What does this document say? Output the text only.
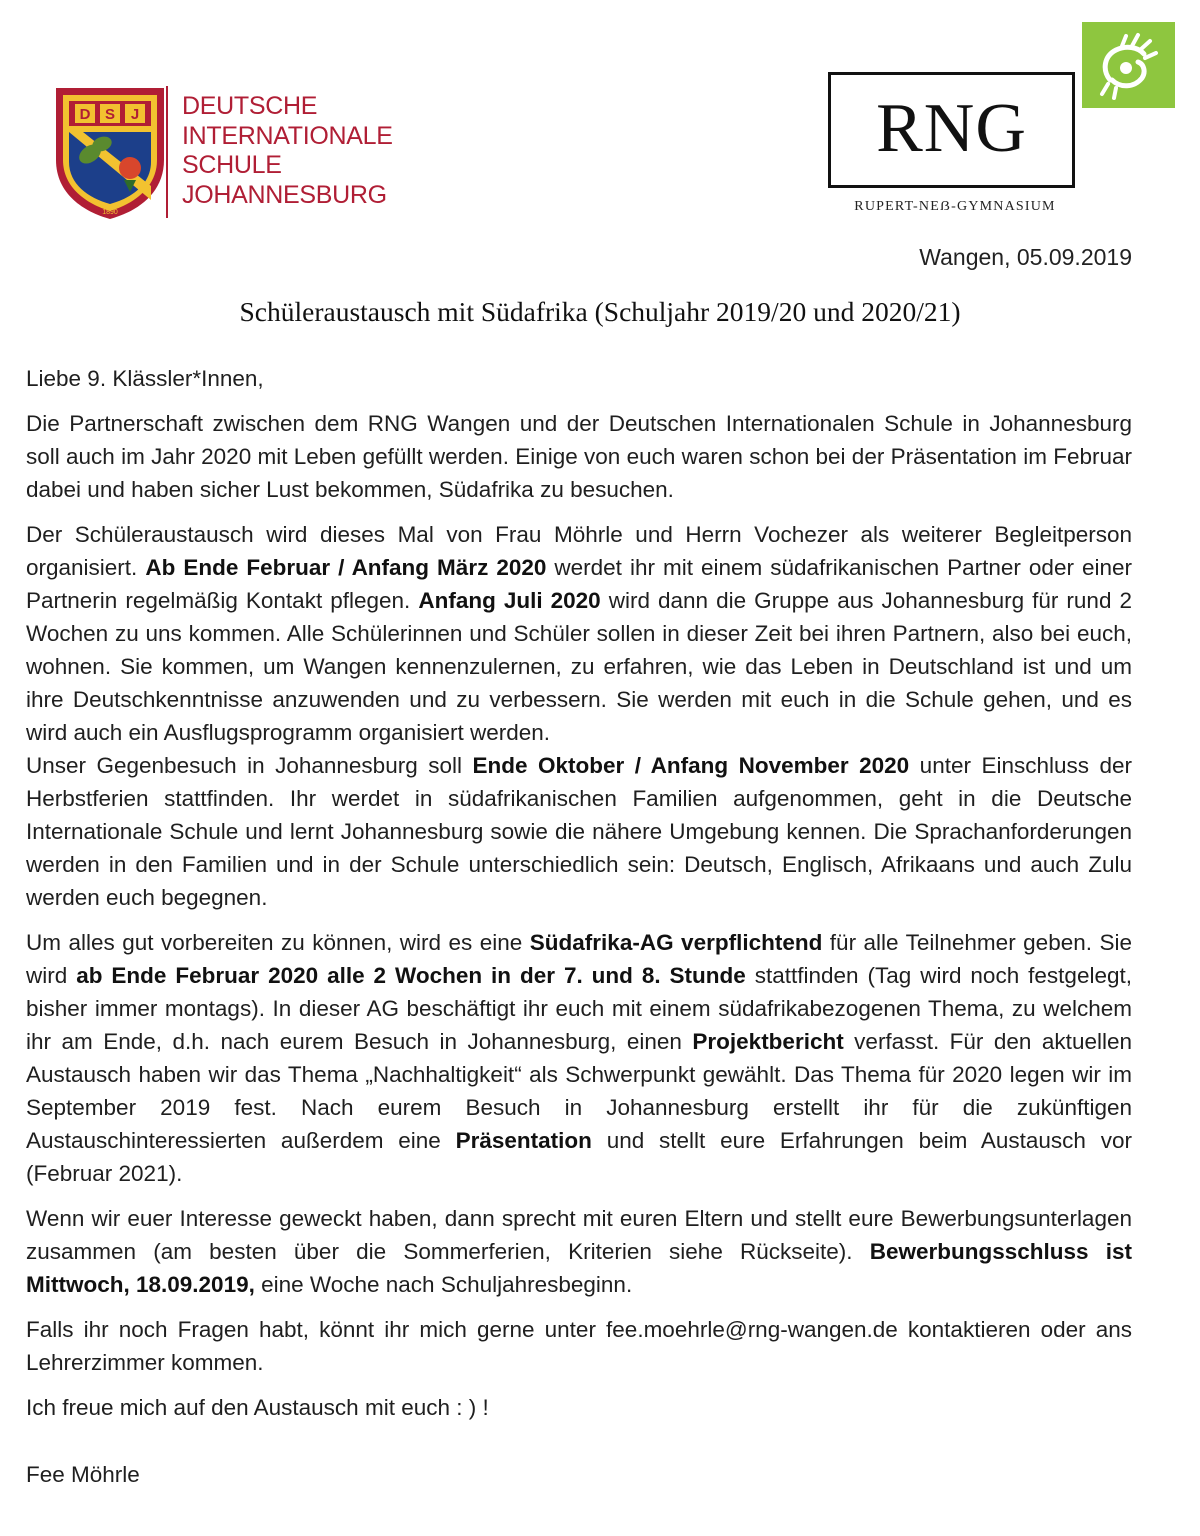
D S J
1890
DEUTSCHE
INTERNATIONALE
SCHULE
JOHANNESBURG
RNG
RUPERT-NEẞ-GYMNASIUM
Wangen, 05.09.2019
Schüleraustausch mit Südafrika (Schuljahr 2019/20 und 2020/21)

Liebe 9. Klässler*Innen,

Die Partnerschaft zwischen dem RNG Wangen und der Deutschen Internationalen Schule in Johannesburg soll auch im Jahr 2020 mit Leben gefüllt werden. Einige von euch waren schon bei der Präsentation im Februar dabei und haben sicher Lust bekommen, Südafrika zu besuchen.

Der Schüleraustausch wird dieses Mal von Frau Möhrle und Herrn Vochezer als weiterer Begleitperson organisiert. Ab Ende Februar / Anfang März 2020 werdet ihr mit einem südafrikanischen Partner oder einer Partnerin regelmäßig Kontakt pflegen. Anfang Juli 2020 wird dann die Gruppe aus Johannesburg für rund 2 Wochen zu uns kommen. Alle Schülerinnen und Schüler sollen in dieser Zeit bei ihren Partnern, also bei euch, wohnen. Sie kommen, um Wangen kennenzulernen, zu erfahren, wie das Leben in Deutschland ist und um ihre Deutschkenntnisse anzuwenden und zu verbessern. Sie werden mit euch in die Schule gehen, und es wird auch ein Ausflugsprogramm organisiert werden.

Unser Gegenbesuch in Johannesburg soll Ende Oktober / Anfang November 2020 unter Einschluss der Herbstferien stattfinden. Ihr werdet in südafrikanischen Familien aufgenommen, geht in die Deutsche Internationale Schule und lernt Johannesburg sowie die nähere Umgebung kennen. Die Sprachanforderungen werden in den Familien und in der Schule unterschiedlich sein: Deutsch, Englisch, Afrikaans und auch Zulu werden euch begegnen.

Um alles gut vorbereiten zu können, wird es eine Südafrika-AG verpflichtend für alle Teilnehmer geben. Sie wird ab Ende Februar 2020 alle 2 Wochen in der 7. und 8. Stunde stattfinden (Tag wird noch festgelegt, bisher immer montags). In dieser AG beschäftigt ihr euch mit einem südafrikabezogenen Thema, zu welchem ihr am Ende, d.h. nach eurem Besuch in Johannesburg, einen Projektbericht verfasst. Für den aktuellen Austausch haben wir das Thema „Nachhaltigkeit“ als Schwerpunkt gewählt. Das Thema für 2020 legen wir im September 2019 fest. Nach eurem Besuch in Johannesburg erstellt ihr für die zukünftigen Austauschinteressierten außerdem eine Präsentation und stellt eure Erfahrungen beim Austausch vor (Februar 2021).

Wenn wir euer Interesse geweckt haben, dann sprecht mit euren Eltern und stellt eure Bewerbungsunterlagen zusammen (am besten über die Sommerferien, Kriterien siehe Rückseite). Bewerbungsschluss ist Mittwoch, 18.09.2019, eine Woche nach Schuljahresbeginn.

Falls ihr noch Fragen habt, könnt ihr mich gerne unter fee.moehrle@rng-wangen.de kontaktieren oder ans Lehrerzimmer kommen.

Ich freue mich auf den Austausch mit euch : ) !

Fee Möhrle
